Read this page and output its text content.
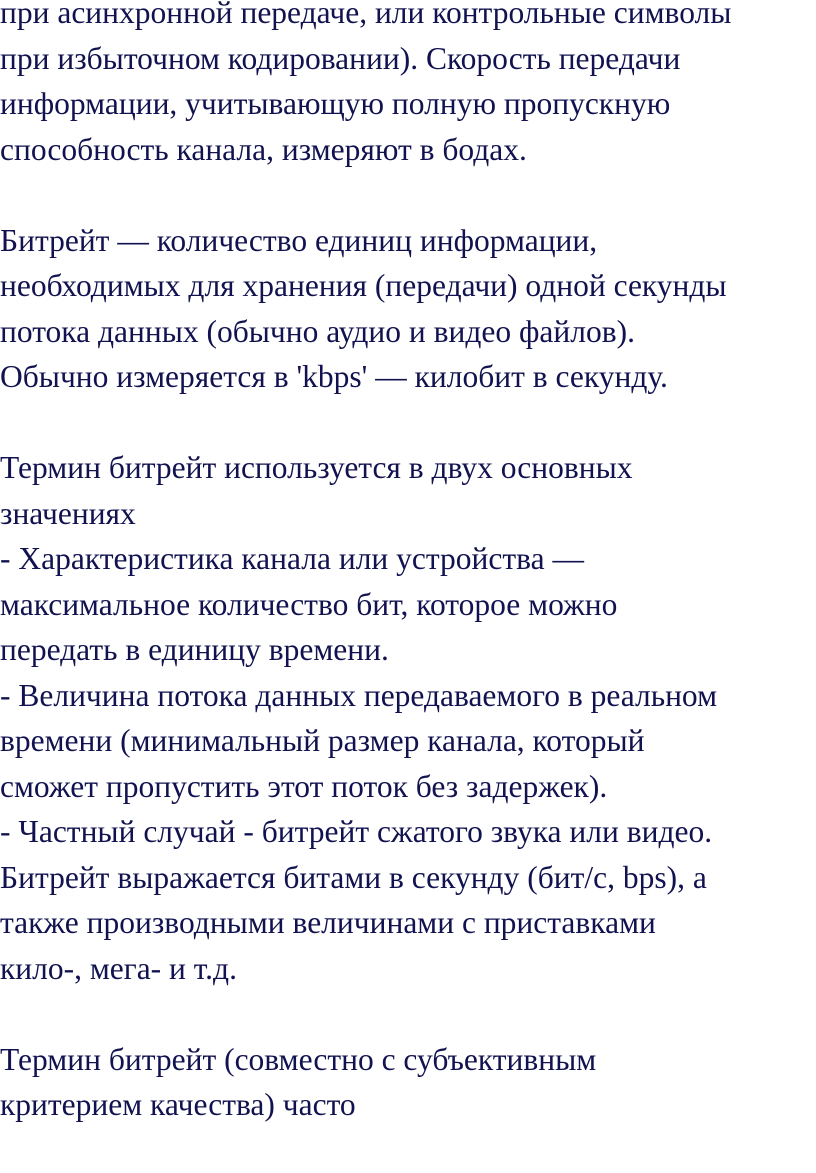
при асинхронной передаче, или контрольные символы
при избыточном кодировании). Скорость передачи
информации, учитывающую полную пропускную
способность канала, измеряют в бодах.
Битрейт — количество единиц информации,
необходимых для хранения (передачи) одной секунды
потока данных (обычно аудио и видео файлов).
Обычно измеряется в 'kbps' — килобит в секунду.
Термин битрейт используется в двух основных
значениях
- Характеристика канала или устройства —
максимальное количество бит, которое можно
передать в единицу времени.
- Величина потока данных передаваемого в реальном
времени (минимальный размер канала, который
сможет пропустить этот поток без задержек).
- Частный случай - битрейт сжатого звука или видео.
Битрейт выражается битами в секунду (бит/с, bps), а
также производными величинами с приставками
кило-, мега- и т.д.
Термин битрейт (совместно с субъективным
критерием качества) часто
